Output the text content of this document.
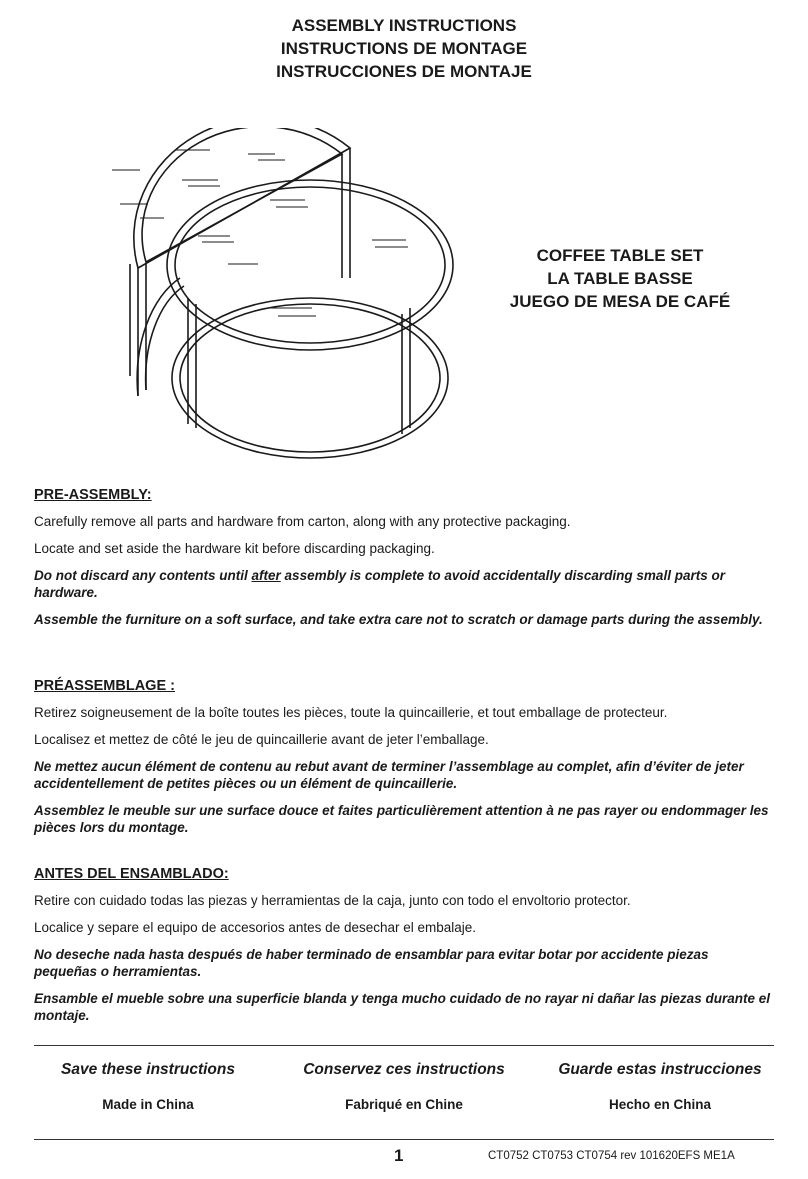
ASSEMBLY INSTRUCTIONS
INSTRUCTIONS DE MONTAGE
INSTRUCCIONES DE MONTAJE
COFFEE TABLE SET
LA TABLE BASSE
JUEGO DE MESA DE CAFÉ
PRE-ASSEMBLY:
Carefully remove all parts and hardware from carton, along with any protective packaging.
Locate and set aside the hardware kit before discarding packaging.
Do not discard any contents until after assembly is complete to avoid accidentally discarding small parts or hardware.
Assemble the furniture on a soft surface, and take extra care not to scratch or damage parts during the assembly.
PRÉASSEMBLAGE :
Retirez soigneusement de la boîte toutes les pièces, toute la quincaillerie, et tout emballage de protecteur.
Localisez et mettez de côté le jeu de quincaillerie avant de jeter l’emballage.
Ne mettez aucun élément de contenu au rebut avant de terminer l’assemblage au complet, afin d’éviter de jeter accidentellement de petites pièces ou un élément de quincaillerie.
Assemblez le meuble sur une surface douce et faites particulièrement attention à ne pas rayer ou endommager les pièces lors du montage.
ANTES DEL ENSAMBLADO:
Retire con cuidado todas las piezas y herramientas de la caja, junto con todo el envoltorio protector.
Localice y separe el equipo de accesorios antes de desechar el embalaje.
No deseche nada hasta después de haber terminado de ensamblar para evitar botar por accidente piezas pequeñas o herramientas.
Ensamble el mueble sobre una superficie blanda y tenga mucho cuidado de no rayar ni dañar las piezas durante el montaje.
Save these instructions	Conservez ces instructions	Guarde estas instrucciones
Made in China	Fabriqué en Chine	Hecho en China
1	CT0752 CT0753 CT0754 rev 101620EFS ME1A
